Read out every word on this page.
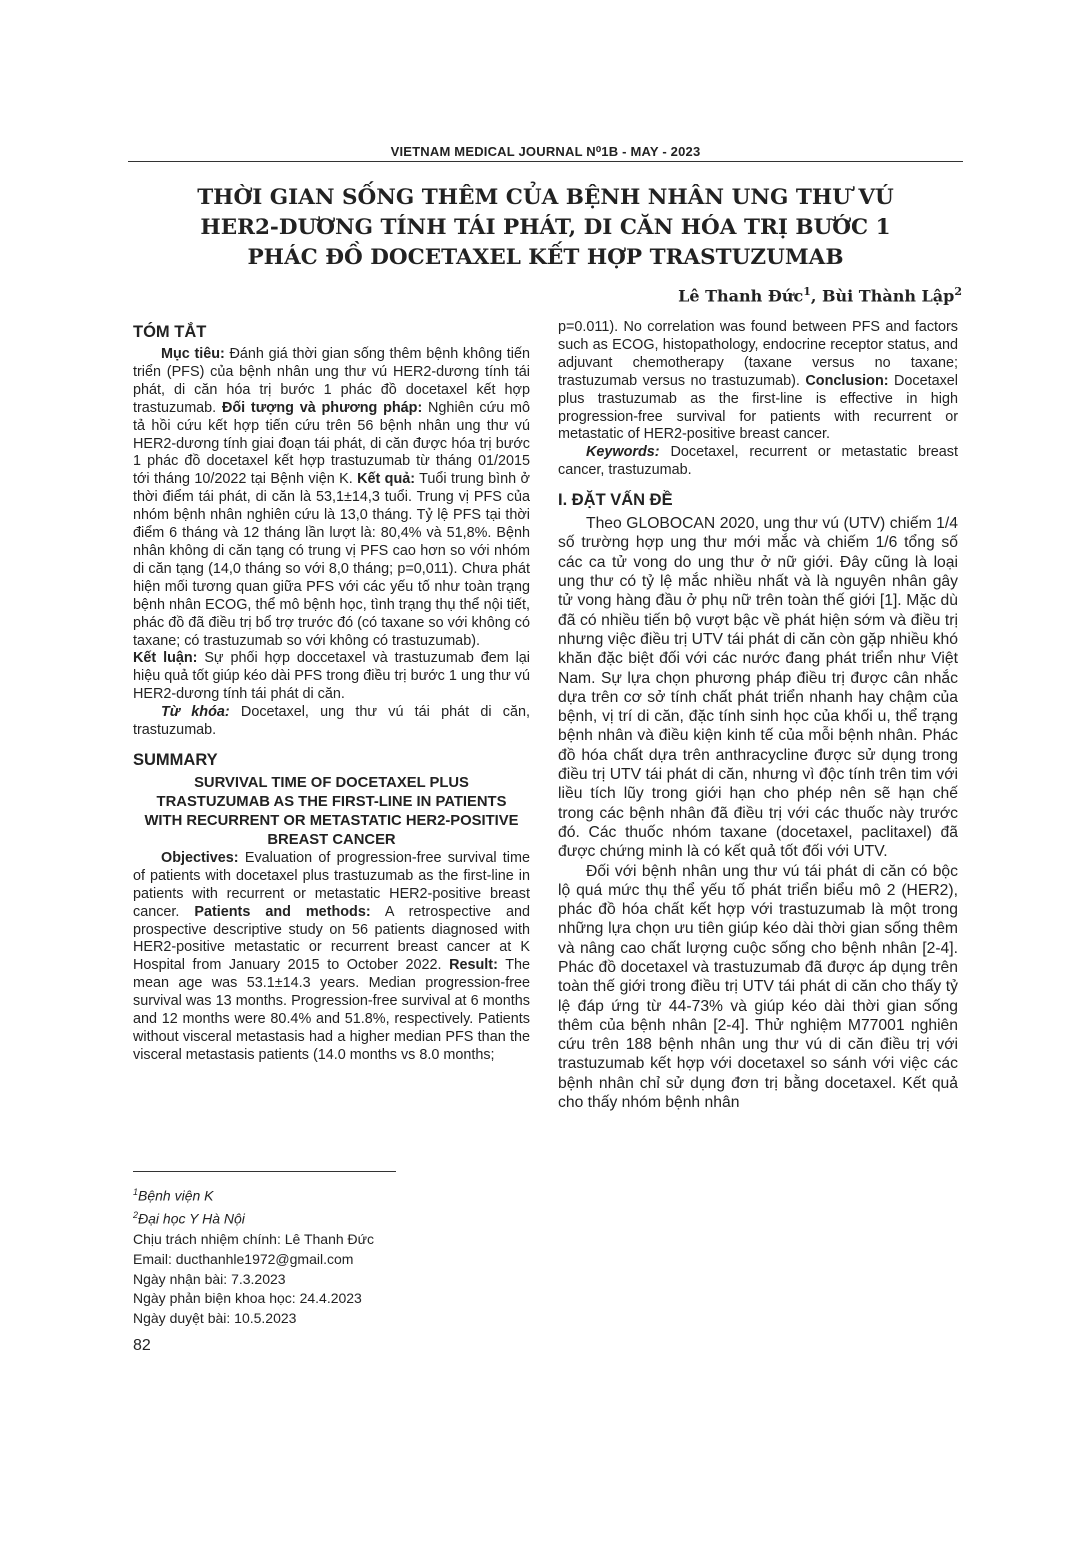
VIETNAM MEDICAL JOURNAL N⁰1B - MAY - 2023
THỜI GIAN SỐNG THÊM CỦA BỆNH NHÂN UNG THƯ VÚ
HER2-DƯƠNG TÍNH TÁI PHÁT, DI CĂN HÓA TRỊ BƯỚC 1
PHÁC ĐỒ DOCETAXEL KẾT HỢP TRASTUZUMAB
Lê Thanh Đức$^1$, Bùi Thành Lập$^2$
TÓM TẮT

Mục tiêu: Đánh giá thời gian sống thêm bệnh không tiến triển (PFS) của bệnh nhân ung thư vú HER2-dương tính tái phát, di căn hóa trị bước 1 phác đồ docetaxel kết hợp trastuzumab. Đối tượng và phương pháp: Nghiên cứu mô tả hồi cứu kết hợp tiến cứu trên 56 bệnh nhân ung thư vú HER2-dương tính giai đoạn tái phát, di căn được hóa trị bước 1 phác đồ docetaxel kết hợp trastuzumab từ tháng 01/2015 tới tháng 10/2022 tại Bệnh viện K. Kết quả: Tuổi trung bình ở thời điểm tái phát, di căn là 53,1±14,3 tuổi. Trung vị PFS của nhóm bệnh nhân nghiên cứu là 13,0 tháng. Tỷ lệ PFS tại thời điểm 6 tháng và 12 tháng lần lượt là: 80,4% và 51,8%. Bệnh nhân không di căn tạng có trung vị PFS cao hơn so với nhóm di căn tạng (14,0 tháng so với 8,0 tháng; p=0,011). Chưa phát hiện mối tương quan giữa PFS với các yếu tố như toàn trạng bệnh nhân ECOG, thể mô bệnh học, tình trạng thụ thể nội tiết, phác đồ đã điều trị bổ trợ trước đó (có taxane so với không có taxane; có trastuzumab so với không có trastuzumab).

Kết luận: Sự phối hợp doccetaxel và trastuzumab đem lại hiệu quả tốt giúp kéo dài PFS trong điều trị bước 1 ung thư vú HER2-dương tính tái phát di căn.

Từ khóa: Docetaxel, ung thư vú tái phát di căn, trastuzumab.

SUMMARY
SURVIVAL TIME OF DOCETAXEL PLUS TRASTUZUMAB AS THE FIRST-LINE IN PATIENTS WITH RECURRENT OR METASTATIC HER2-POSITIVE BREAST CANCER

Objectives: Evaluation of progression-free survival time of patients with docetaxel plus trastuzumab as the first-line in patients with recurrent or metastatic HER2-positive breast cancer. Patients and methods: A retrospective and prospective descriptive study on 56 patients diagnosed with HER2-positive metastatic or recurrent breast cancer at K Hospital from January 2015 to October 2022. Result: The mean age was 53.1±14.3 years. Median progression-free survival was 13 months. Progression-free survival at 6 months and 12 months were 80.4% and 51.8%, respectively. Patients without visceral metastasis had a higher median PFS than the visceral metastasis patients (14.0 months vs 8.0 months;

$^1$Bệnh viện K
$^2$Đại học Y Hà Nội
Chịu trách nhiệm chính: Lê Thanh Đức
Email: ducthanhle1972@gmail.com
Ngày nhận bài: 7.3.2023
Ngày phản biện khoa học: 24.4.2023
Ngày duyệt bài: 10.5.2023
82

p=0.011). No correlation was found between PFS and factors such as ECOG, histopathology, endocrine receptor status, and adjuvant chemotherapy (taxane versus no taxane; trastuzumab versus no trastuzumab). Conclusion: Docetaxel plus trastuzumab as the first-line is effective in high progression-free survival for patients with recurrent or metastatic of HER2-positive breast cancer.

Keywords: Docetaxel, recurrent or metastatic breast cancer, trastuzumab.

I. ĐẶT VẤN ĐỀ

Theo GLOBOCAN 2020, ung thư vú (UTV) chiếm 1/4 số trường hợp ung thư mới mắc và chiếm 1/6 tổng số các ca tử vong do ung thư ở nữ giới. Đây cũng là loại ung thư có tỷ lệ mắc nhiều nhất và là nguyên nhân gây tử vong hàng đầu ở phụ nữ trên toàn thế giới [1]. Mặc dù đã có nhiều tiến bộ vượt bậc về phát hiện sớm và điều trị nhưng việc điều trị UTV tái phát di căn còn gặp nhiều khó khăn đặc biệt đối với các nước đang phát triển như Việt Nam. Sự lựa chọn phương pháp điều trị được cân nhắc dựa trên cơ sở tính chất phát triển nhanh hay chậm của bệnh, vị trí di căn, đặc tính sinh học của khối u, thể trạng bệnh nhân và điều kiện kinh tế của mỗi bệnh nhân. Phác đồ hóa chất dựa trên anthracycline được sử dụng trong điều trị UTV tái phát di căn, nhưng vì độc tính trên tim với liều tích lũy trong giới hạn cho phép nên sẽ hạn chế trong các bệnh nhân đã điều trị với các thuốc này trước đó. Các thuốc nhóm taxane (docetaxel, paclitaxel) đã được chứng minh là có kết quả tốt đối với UTV.

Đối với bệnh nhân ung thư vú tái phát di căn có bộc lộ quá mức thụ thể yếu tố phát triển biểu mô 2 (HER2), phác đồ hóa chất kết hợp với trastuzumab là một trong những lựa chọn ưu tiên giúp kéo dài thời gian sống thêm và nâng cao chất lượng cuộc sống cho bệnh nhân [2-4]. Phác đồ docetaxel và trastuzumab đã được áp dụng trên toàn thế giới trong điều trị UTV tái phát di căn cho thấy tỷ lệ đáp ứng từ 44-73% và giúp kéo dài thời gian sống thêm của bệnh nhân [2-4]. Thử nghiệm M77001 nghiên cứu trên 188 bệnh nhân ung thư vú di căn điều trị với trastuzumab kết hợp với docetaxel so sánh với việc các bệnh nhân chỉ sử dụng đơn trị bằng docetaxel. Kết quả cho thấy nhóm bệnh nhân
